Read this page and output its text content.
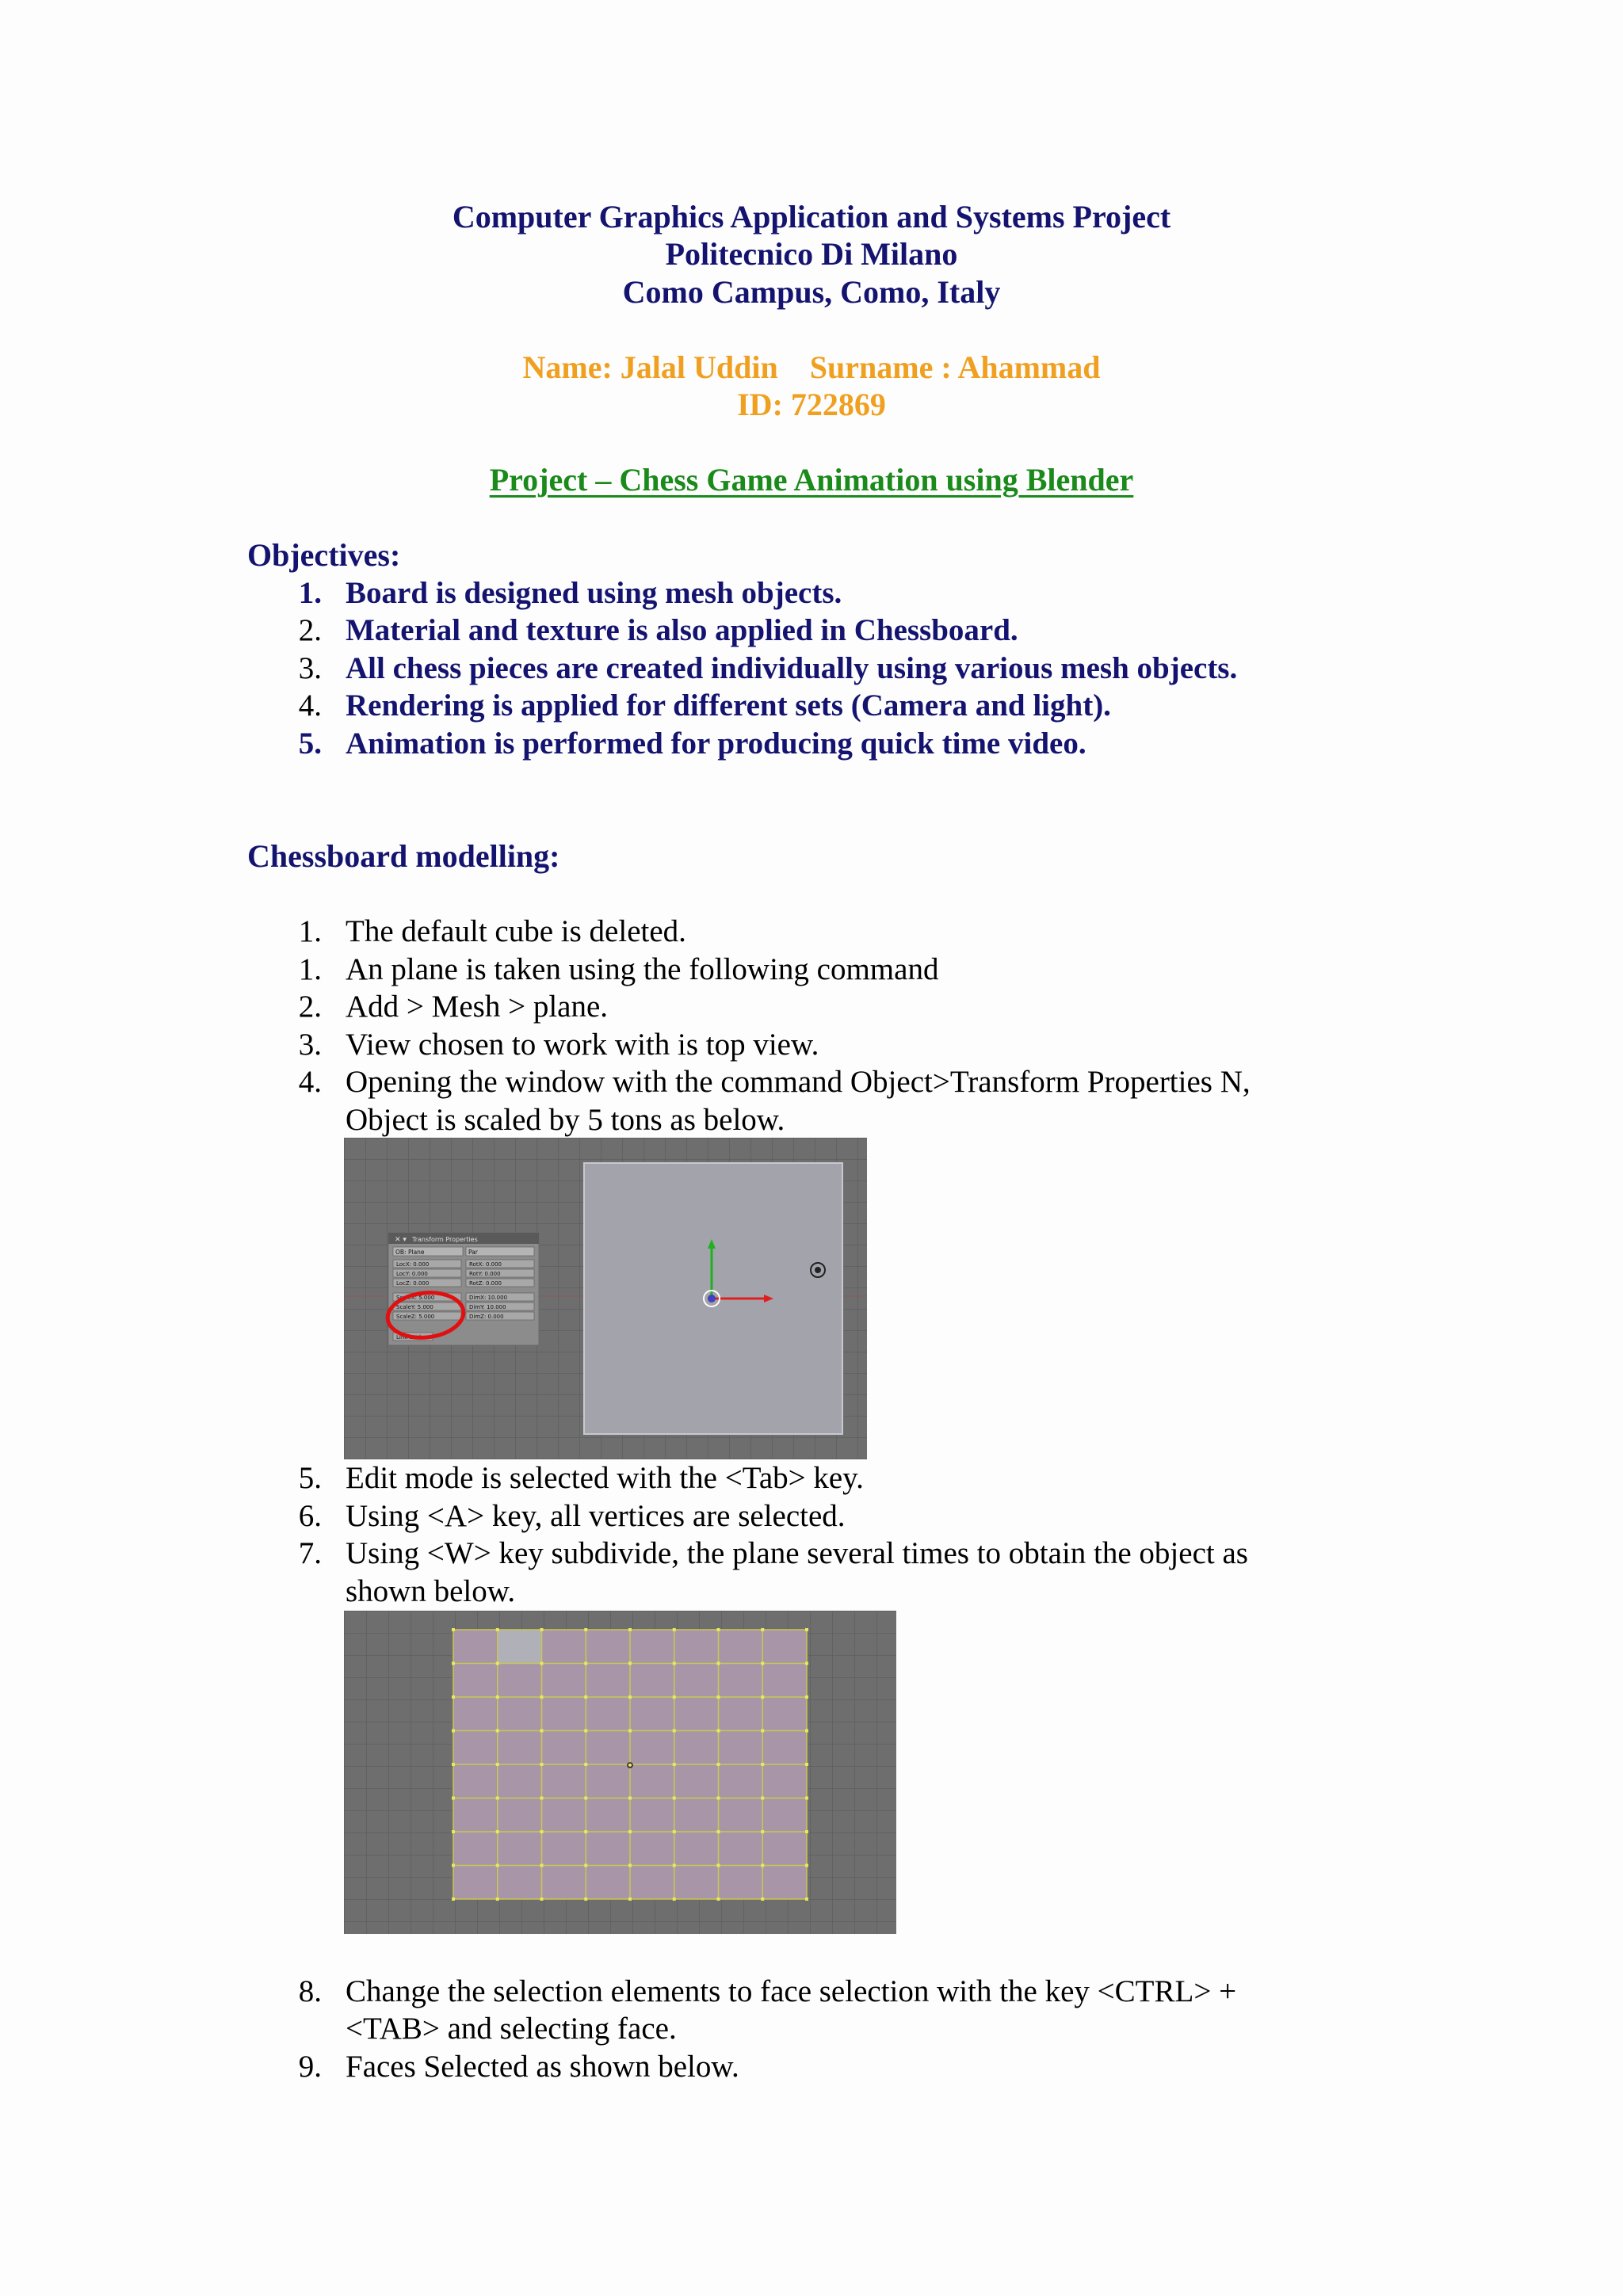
Computer Graphics Application and Systems Project
Politecnico Di Milano
Como Campus, Como, Italy
Name: Jalal Uddin    Surname : Ahammad
ID: 722869
Project – Chess Game Animation using Blender
Objectives:
1. Board is designed using mesh objects.
2. Material and texture is also applied in Chessboard.
3. All chess pieces are created individually using various mesh objects.
4. Rendering is applied for different sets (Camera and light).
5. Animation is performed for producing quick time video.
Chessboard modelling:
1. The default cube is deleted.
1. An plane is taken using the following command
2. Add > Mesh > plane.
3. View chosen to work with is top view.
4. Opening the window with the command Object>Transform Properties N,
Object is scaled by 5 tons as below.
✕ ▾ Transform Properties
OB: Plane	Par
LocX: 0.000	RotX: 0.000
LocY: 0.000	RotY: 0.000
LocZ: 0.000	RotZ: 0.000
ScaleX: 5.000	DimX: 10.000
ScaleY: 5.000	DimY: 10.000
ScaleZ: 5.000	DimZ: 0.000
Link Scale
5. Edit mode is selected with the <Tab> key.
6. Using <A> key, all vertices are selected.
7. Using <W> key subdivide, the plane several times to obtain the object as
shown below.
8. Change the selection elements to face selection with the key <CTRL> +
<TAB> and selecting face.
9. Faces Selected as shown below.
